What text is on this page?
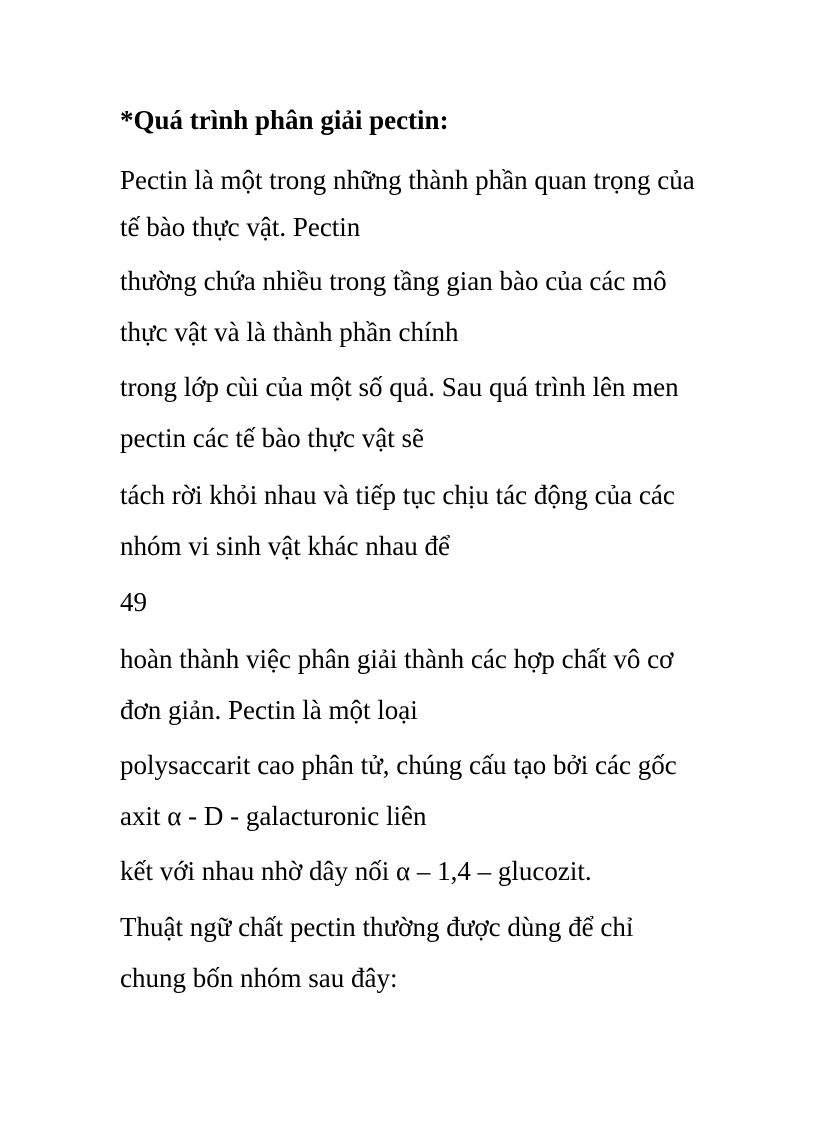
*Quá trình phân giải pectin:

Pectin là một trong những thành phần quan trọng của

tế bào thực vật. Pectin

thường chứa nhiều trong tầng gian bào của các mô

thực vật và là thành phần chính

trong lớp cùi của một số quả. Sau quá trình lên men

pectin các tế bào thực vật sẽ

tách rời khỏi nhau và tiếp tục chịu tác động của các

nhóm vi sinh vật khác nhau để

49

hoàn thành việc phân giải thành các hợp chất vô cơ

đơn giản. Pectin là một loại

polysaccarit cao phân tử, chúng cấu tạo bởi các gốc

axit α - D - galacturonic liên

kết với nhau nhờ dây nối α – 1,4 – glucozit.

Thuật ngữ chất pectin thường được dùng để chỉ

chung bốn nhóm sau đây:
